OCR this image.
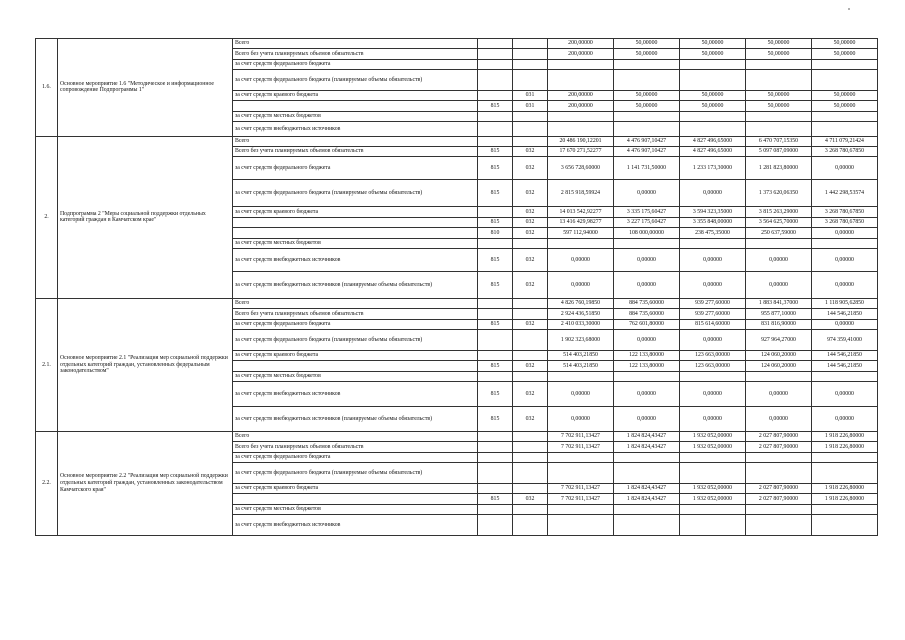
1.6.	Основное мероприятие 1.6 "Методическое и информационное сопровождение Подпрограммы 1"	Всего			200,00000	50,00000	50,00000	50,00000	50,00000
		Всего без учета планируемых объемов обязательств			200,00000	50,00000	50,00000	50,00000	50,00000
		за счет средств федерального бюджета							
		за счет средств федерального бюджета (планируемые объемы обязательств)							
		за счет средств краевого бюджета		031	200,00000	50,00000	50,00000	50,00000	50,00000
			815	031	200,00000	50,00000	50,00000	50,00000	50,00000
		за счет средств местных бюджетов							
		за счет средств внебюджетных источников							
2.	Подпрограмма 2 "Меры социальной поддержки отдельных категорий граждан в Камчатском крае"	Всего			20 486 190,12201	4 476 907,10427	4 827 496,65000	6 470 707,15350	4 711 079,21424
		Всего без учета планируемых объемов обязательств	815	032	17 670 271,52277	4 476 907,10427	4 827 496,65000	5 097 087,09000	3 268 780,67850
		за счет средств федерального бюджета	815	032	3 656 728,60000	1 141 731,50000	1 233 173,30000	1 281 823,80000	0,00000
		за счет средств федерального бюджета (планируемые объемы обязательств)	815	032	2 815 918,59924	0,00000	0,00000	1 373 620,06350	1 442 298,53574
		за счет средств краевого бюджета		032	14 013 542,92277	3 335 175,60427	3 594 323,35000	3 815 263,29000	3 268 780,67850
			815	032	13 416 429,98277	3 227 175,60427	3 355 848,00000	3 564 625,70000	3 268 780,67850
			810	032	597 112,94000	108 000,00000	238 475,35000	250 637,59000	0,00000
		за счет средств местных бюджетов							
		за счет средств внебюджетных источников	815	032	0,00000	0,00000	0,00000	0,00000	0,00000
		за счет средств внебюджетных источников (планируемые объемы обязательств)	815	032	0,00000	0,00000	0,00000	0,00000	0,00000
2.1.	Основное мероприятие 2.1 "Реализация мер социальной поддержки отдельных категорий граждан, установленных федеральным законодательством"	Всего			4 826 760,19850	884 735,60000	939 277,60000	1 883 841,37000	1 118 905,62850
		Всего без учета планируемых объемов обязательств			2 924 436,51850	884 735,60000	939 277,60000	955 877,10000	144 546,21850
		за счет средств федерального бюджета	815	032	2 410 033,30000	762 601,80000	815 614,60000	831 816,90000	0,00000
		за счет средств федерального бюджета (планируемые объемы обязательств)			1 902 323,68000	0,00000	0,00000	927 964,27000	974 359,41000
		за счет средств краевого бюджета			514 403,21850	122 133,80000	123 663,00000	124 060,20000	144 546,21850
			815	032	514 403,21850	122 133,80000	123 663,00000	124 060,20000	144 546,21850
		за счет средств местных бюджетов							
		за счет средств внебюджетных источников	815	032	0,00000	0,00000	0,00000	0,00000	0,00000
		за счет средств внебюджетных источников (планируемые объемы обязательств)	815	032	0,00000	0,00000	0,00000	0,00000	0,00000
2.2.	Основное мероприятие 2.2 "Реализация мер социальной поддержки отдельных категорий граждан, установленных законодательством Камчатского края"	Всего			7 702 911,13427	1 824 824,43427	1 932 052,00000	2 027 807,90000	1 918 226,80000
		Всего без учета планируемых объемов обязательств			7 702 911,13427	1 824 824,43427	1 932 052,00000	2 027 807,90000	1 918 226,80000
		за счет средств федерального бюджета							
		за счет средств федерального бюджета (планируемые объемы обязательств)							
		за счет средств краевого бюджета			7 702 911,13427	1 824 824,43427	1 932 052,00000	2 027 807,90000	1 918 226,80000
			815	032	7 702 911,13427	1 824 824,43427	1 932 052,00000	2 027 807,90000	1 918 226,80000
		за счет средств местных бюджетов							
		за счет средств внебюджетных источников							
